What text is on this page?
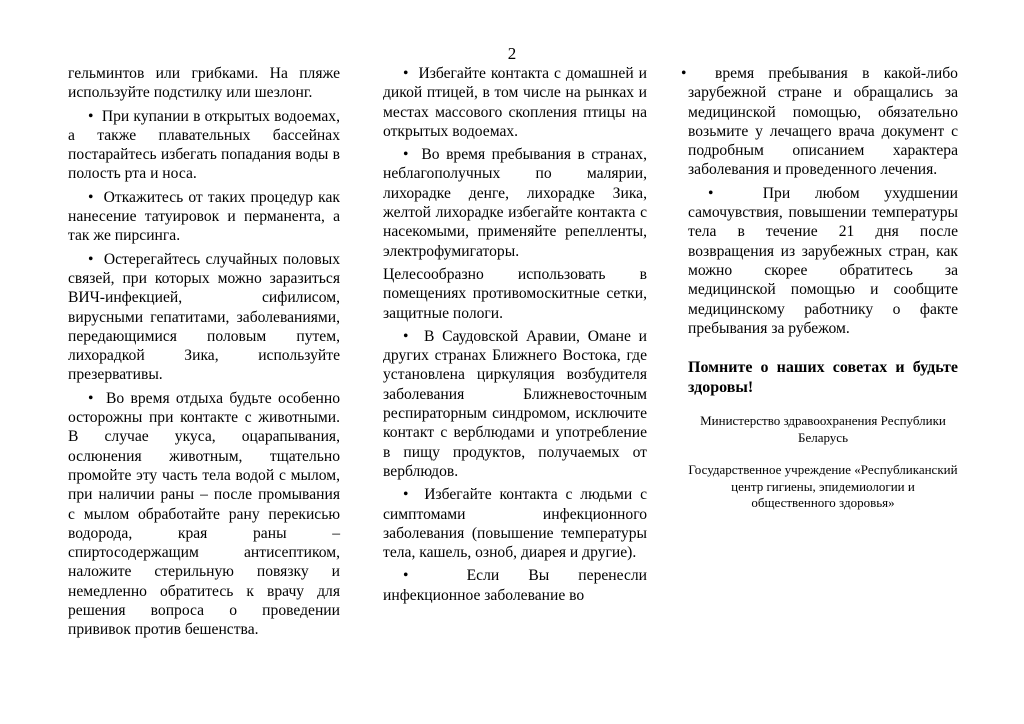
2

гельминтов или грибками. На пляже используйте подстилку или шезлонг.

•  При купании в открытых водоемах, а также плавательных бассейнах постарайтесь избегать попадания воды в полость рта и носа.

•  Откажитесь от таких процедур как нанесение татуировок и перманента, а так же пирсинга.

•  Остерегайтесь случайных половых связей, при которых можно заразиться ВИЧ-инфекцией, сифилисом, вирусными гепатитами, заболеваниями, передающимися половым путем, лихорадкой Зика, используйте презервативы.

•  Во время отдыха будьте особенно осторожны при контакте с животными. В случае укуса, оцарапывания, ослюнения животным, тщательно промойте эту часть тела водой с мылом, при наличии раны – после промывания с мылом обработайте рану перекисью водорода, края раны – спиртосодержащим антисептиком, наложите стерильную повязку и немедленно обратитесь к врачу для решения вопроса о проведении прививок против бешенства.

•  Избегайте контакта с домашней и дикой птицей, в том числе на рынках и местах массового скопления птицы на открытых водоемах.

•  Во время пребывания в странах, неблагополучных по малярии, лихорадке денге, лихорадке Зика, желтой лихорадке избегайте контакта с насекомыми, применяйте репелленты, электрофумигаторы.

Целесообразно использовать в помещениях противомоскитные сетки, защитные пологи.

•  В Саудовской Аравии, Омане и других странах Ближнего Востока, где установлена циркуляция возбудителя заболевания Ближневосточным респираторным синдромом, исключите контакт с верблюдами и употребление в пищу продуктов, получаемых от верблюдов.

•  Избегайте контакта с людьми с симптомами инфекционного заболевания (повышение температуры тела, кашель, озноб, диарея и другие).

•  Если Вы перенесли инфекционное заболевание во

•  время пребывания в какой-либо зарубежной стране и обращались за медицинской помощью, обязательно возьмите у лечащего врача документ с подробным описанием характера заболевания и проведенного лечения.

•  При любом ухудшении самочувствия, повышении температуры тела в течение 21 дня после возвращения из зарубежных стран, как можно скорее обратитесь за медицинской помощью и сообщите медицинскому работнику о факте пребывания за рубежом.

Помните о наших советах и будьте здоровы!

Министерство здравоохранения Республики Беларусь

Государственное учреждение «Республиканский центр гигиены, эпидемиологии и общественного здоровья»
